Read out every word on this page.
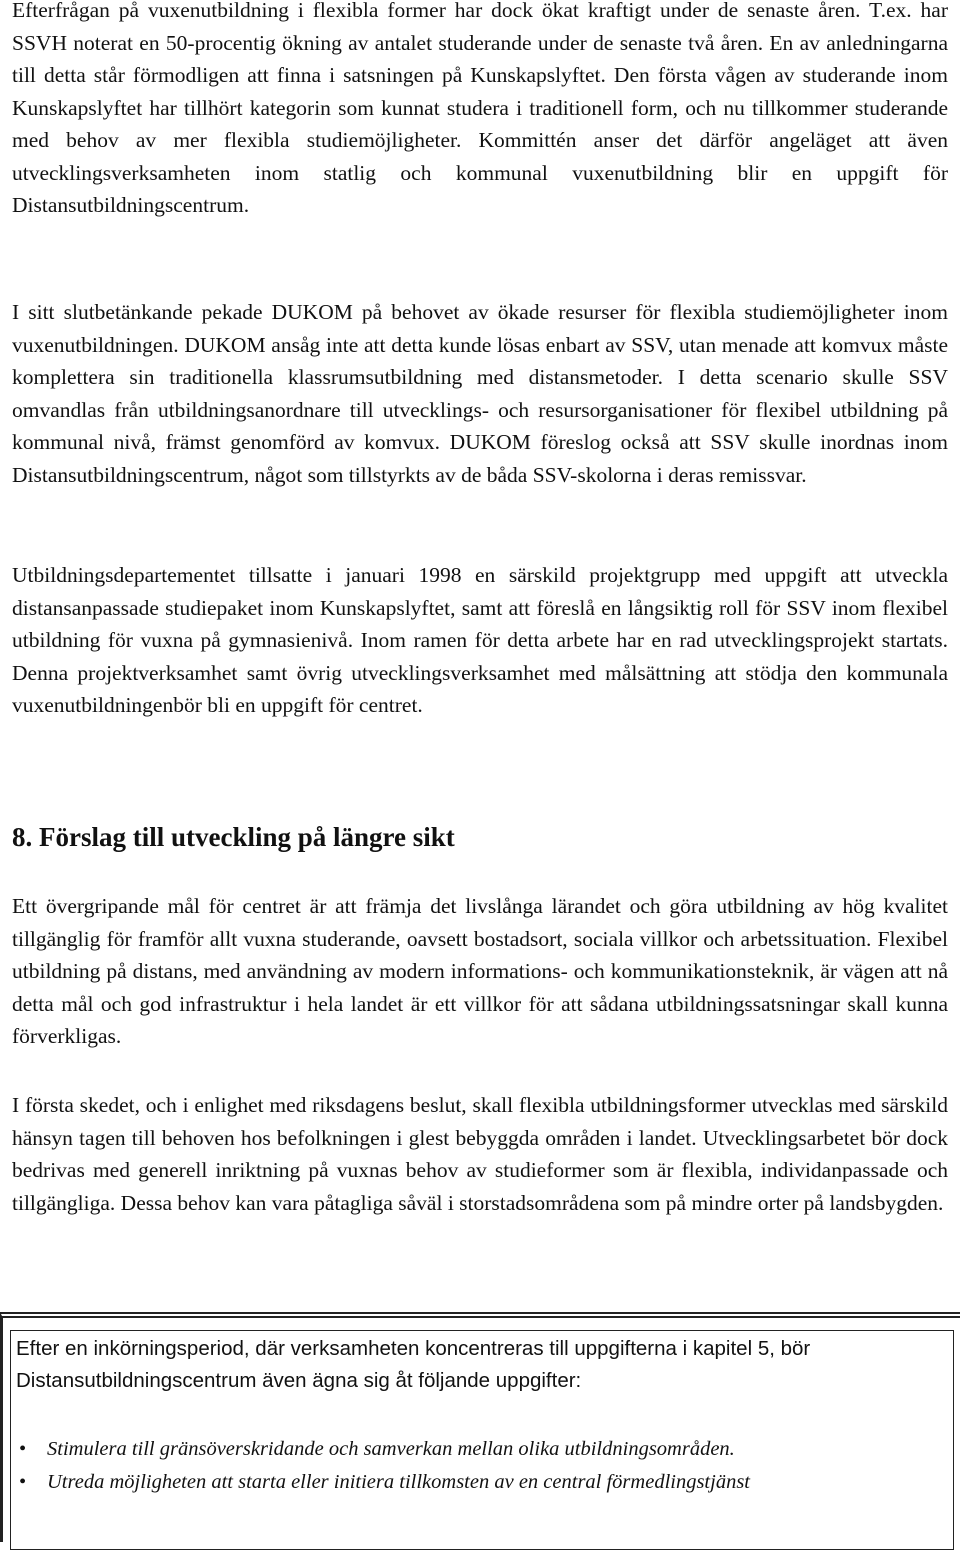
Efterfrågan på vuxenutbildning i flexibla former har dock ökat kraftigt under de senaste åren. T.ex. har SSVH noterat en 50-procentig ökning av antalet studerande under de senaste två åren. En av anledningarna till detta står förmodligen att finna i satsningen på Kunskapslyftet. Den första vågen av studerande inom Kunskapslyftet har tillhört kategorin som kunnat studera i traditionell form, och nu tillkommer studerande med behov av mer flexibla studiemöjligheter. Kommittén anser det därför angeläget att även utvecklingsverksamheten inom statlig och kommunal vuxenutbildning blir en uppgift för Distansutbildningscentrum.

I sitt slutbetänkande pekade DUKOM på behovet av ökade resurser för flexibla studiemöjligheter inom vuxenutbildningen. DUKOM ansåg inte att detta kunde lösas enbart av SSV, utan menade att komvux måste komplettera sin traditionella klassrumsutbildning med distansmetoder. I detta scenario skulle SSV omvandlas från utbildningsanordnare till utvecklings- och resursorganisationer för flexibel utbildning på kommunal nivå, främst genomförd av komvux. DUKOM föreslog också att SSV skulle inordnas inom Distansutbildningscentrum, något som tillstyrkts av de båda SSV-skolorna i deras remissvar.

Utbildningsdepartementet tillsatte i januari 1998 en särskild projektgrupp med uppgift att utveckla distansanpassade studiepaket inom Kunskapslyftet, samt att föreslå en långsiktig roll för SSV inom flexibel utbildning för vuxna på gymnasienivå. Inom ramen för detta arbete har en rad utvecklingsprojekt startats. Denna projektverksamhet samt övrig utvecklingsverksamhet med målsättning att stödja den kommunala vuxenutbildningenbör bli en uppgift för centret.

8. Förslag till utveckling på längre sikt

Ett övergripande mål för centret är att främja det livslånga lärandet och göra utbildning av hög kvalitet tillgänglig för framför allt vuxna studerande, oavsett bostadsort, sociala villkor och arbetssituation. Flexibel utbildning på distans, med användning av modern informations- och kommunikationsteknik, är vägen att nå detta mål och god infrastruktur i hela landet är ett villkor för att sådana utbildningssatsningar skall kunna förverkligas.

I första skedet, och i enlighet med riksdagens beslut, skall flexibla utbildningsformer utvecklas med särskild hänsyn tagen till behoven hos befolkningen i glest bebyggda områden i landet. Utvecklingsarbetet bör dock bedrivas med generell inriktning på vuxnas behov av studieformer som är flexibla, individanpassade och tillgängliga. Dessa behov kan vara påtagliga såväl i storstadsområdena som på mindre orter på landsbygden.

Efter en inkörningsperiod, där verksamheten koncentreras till uppgifterna i kapitel 5, bör Distansutbildningscentrum även ägna sig åt följande uppgifter:

• Stimulera till gränsöverskridande och samverkan mellan olika utbildningsområden.
• Utreda möjligheten att starta eller initiera tillkomsten av en central förmedlingstjänst
